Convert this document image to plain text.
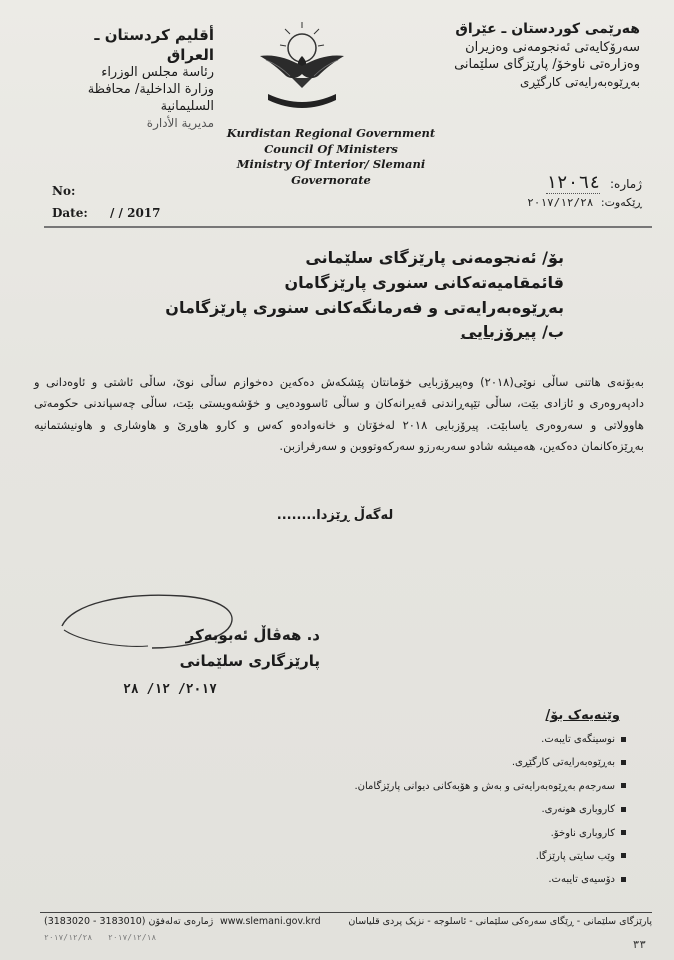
هەرێمی کوردستان ـ عێراق
سەرۆکایەتی ئەنجومەنی وەزیران
وەزارەتی ناوخۆ/ پارێزگای سلێمانی
بەڕێوەبەرایەتی کارگێڕی
أقليم كردستان ـ العراق
رئاسة مجلس الوزراء
وزارة الداخلية/ محافظة السليمانية
مديرية الأدارة
Kurdistan Regional Government
Council Of Ministers
Ministry Of Interior/ Slemani Governorate
No:
Date: / / 2017
ژمارە: ١٢٠٦٤
ڕێکەوت: ٢٠١٧/١٢/٢٨
بۆ/ ئەنجومەنی پارێزگای سلێمانی
قائمقامیەتەکانی سنوری پارێزگامان
بەڕێوەبەرایەتی و فەرمانگەکانی سنوری پارێزگامان
ب/ پیرۆزبایی
بەبۆنەی هاتنی ساڵی نوێی(٢٠١٨) وەپیرۆزبایی خۆمانتان پێشکەش دەکەین دەخوازم ساڵی نوێ، ساڵی ئاشتی و ئاوەدانی و دادپەروەری و ئازادی بێت، ساڵی تێپەڕاندنی قەیرانەکان و ساڵی ئاسوودەیی و خۆشەویستی بێت، ساڵی چەسپاندنی حکومەتی هاوولاتی و سەروەری یاسابێت. پیرۆزبایی ٢٠١٨ لەخۆتان و خانەوادەو کەس و کارو هاوڕێ و هاوشاری و هاونیشتمانیە بەڕێزەکانمان دەکەین، هەمیشە شادو سەربەرزو سەرکەوتووبن و سەرفرازبن.
لەگەڵ ڕێزدا........
د. هەڤاڵ ئەبوبەکر
پارێزگاری سلێمانی
٢٠١٧/ ١٢/ ٢٨
وێنەیەک بۆ/
نوسینگەی تایبەت.
بەڕێوەبەرایەتی کارگێڕی.
سەرجەم بەڕێوەبەرایەتی و بەش و هۆبەکانی دیوانی پارێزگامان.
کاروباری هونەری.
کاروباری ناوخۆ.
وێب سایتی پارێزگا.
دۆسیەی تایبەت.
(3183020 - 3183010) ژمارەی تەلەفۆن www.slemani.gov.krd	پارێزگای سلێمانی - ڕێگای سەرەکی سلێمانی - ئاسلوجە - نزیک پردی قلیاسان
٢٠١٧/١٢/٢٨ ٢٠١٧/١٢/١٨
٣٣
